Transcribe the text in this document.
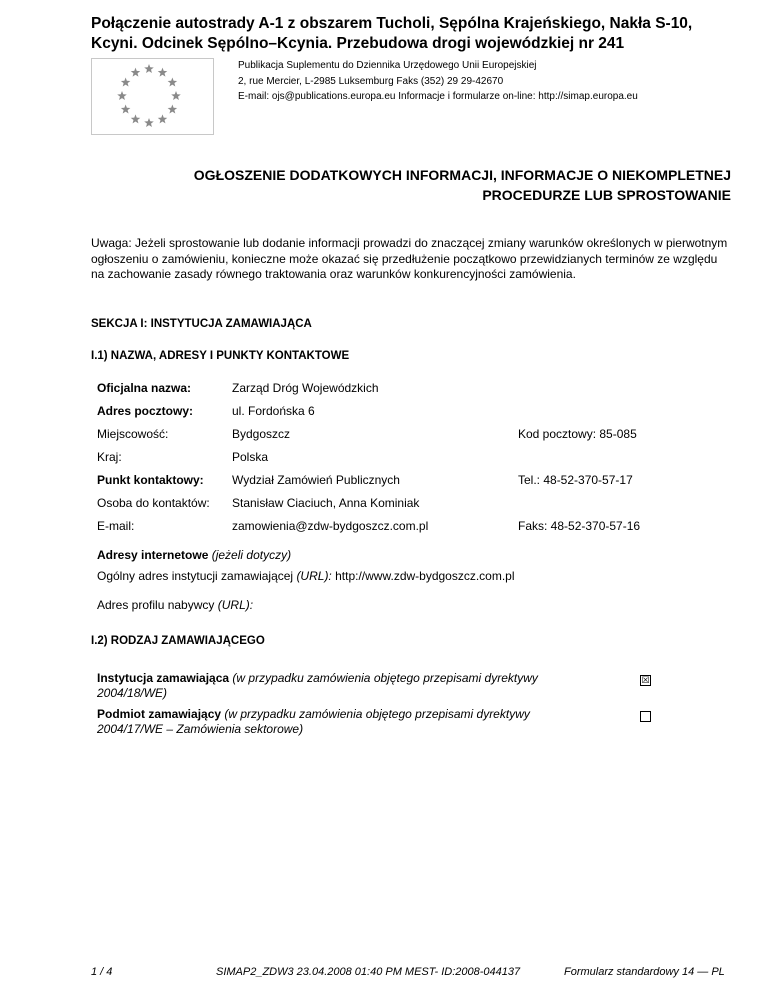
Połączenie autostrady A-1 z obszarem Tucholi, Sępólna Krajeńskiego, Nakła S-10, Kcyni. Odcinek Sępólno–Kcynia. Przebudowa drogi wojewódzkiej nr 241
Publikacja Suplementu do Dziennika Urzędowego Unii Europejskiej
2, rue Mercier, L-2985 Luksemburg Faks (352) 29 29-42670
E-mail: ojs@publications.europa.eu Informacje i formularze on-line: http://simap.europa.eu
OGŁOSZENIE DODATKOWYCH INFORMACJI, INFORMACJE O NIEKOMPLETNEJ
PROCEDURZE LUB SPROSTOWANIE
Uwaga: Jeżeli sprostowanie lub dodanie informacji prowadzi do znaczącej zmiany warunków określonych w pierwotnym ogłoszeniu o zamówieniu, konieczne może okazać się przedłużenie początkowo przewidzianych terminów ze względu na zachowanie zasady równego traktowania oraz warunków konkurencyjności zamówienia.
SEKCJA I: INSTYTUCJA ZAMAWIAJĄCA
I.1) NAZWA, ADRESY I PUNKTY KONTAKTOWE
Oficjalna nazwa:	Zarząd Dróg Wojewódzkich
Adres pocztowy:	ul. Fordońska 6
Miejscowość:	Bydgoszcz	Kod pocztowy: 85-085
Kraj:	Polska
Punkt kontaktowy: Wydział Zamówień Publicznych	Tel.: 48-52-370-57-17
Osoba do kontaktów: Stanisław Ciaciuch, Anna Kominiak
E-mail:	zamowienia@zdw-bydgoszcz.com.pl	Faks: 48-52-370-57-16
Adresy internetowe (jeżeli dotyczy)
Ogólny adres instytucji zamawiającej (URL): http://www.zdw-bydgoszcz.com.pl
Adres profilu nabywcy (URL):
I.2) RODZAJ ZAMAWIAJĄCEGO
Instytucja zamawiająca (w przypadku zamówienia objętego przepisami dyrektywy
2004/18/WE)
☒
Podmiot zamawiający (w przypadku zamówienia objętego przepisami dyrektywy
2004/17/WE – Zamówienia sektorowe)
1 / 4	SIMAP2_ZDW3 23.04.2008 01:40 PM MEST- ID:2008-044137	Formularz standardowy 14 — PL
